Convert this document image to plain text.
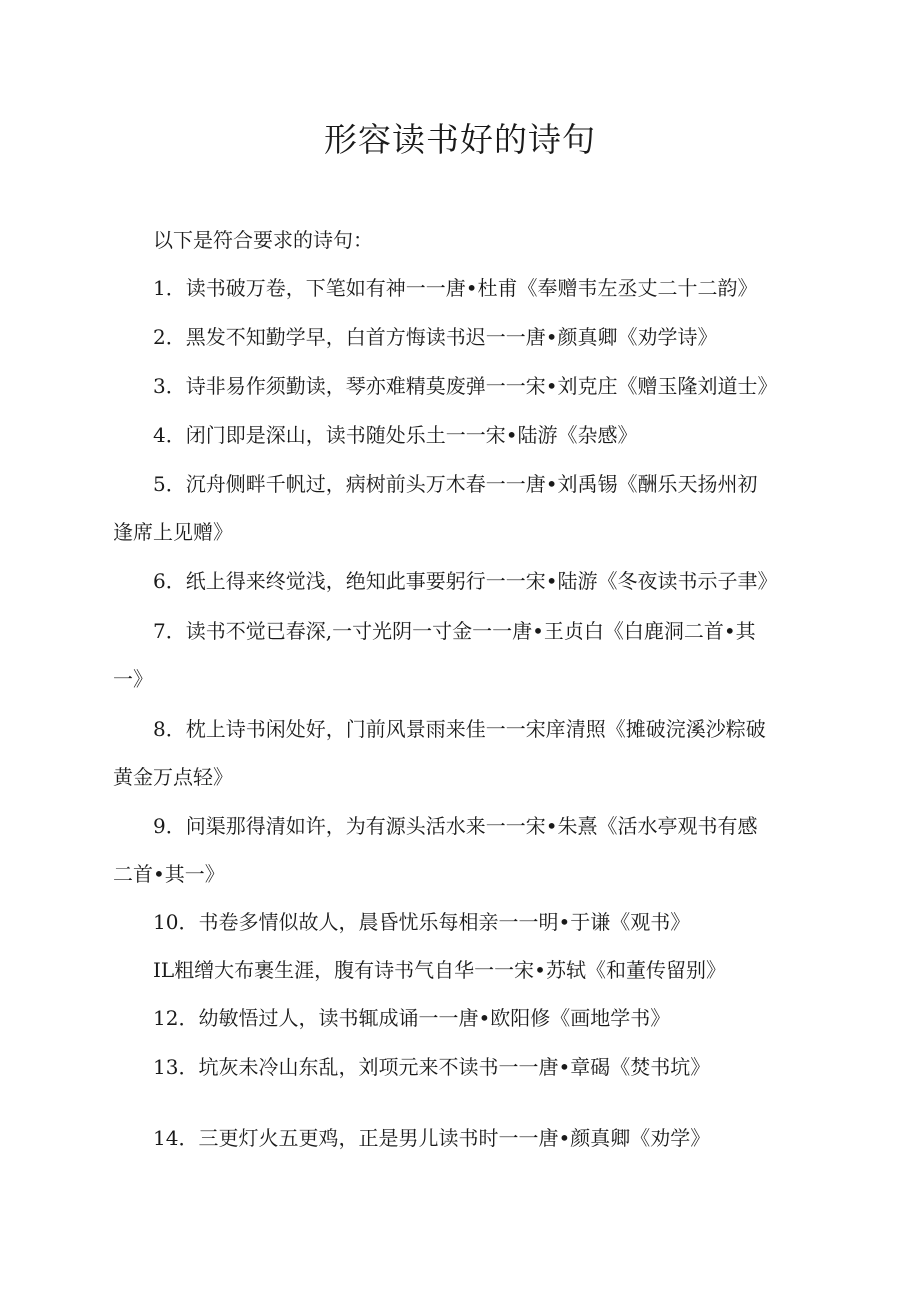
形容读书好的诗句

以下是符合要求的诗句：

1．读书破万卷，下笔如有神一一唐•杜甫《奉赠韦左丞丈二十二韵》
2．黑发不知勤学早，白首方悔读书迟一一唐•颜真卿《劝学诗》
3．诗非易作须勤读，琴亦难精莫废弹一一宋•刘克庄《赠玉隆刘道士》
4．闭门即是深山，读书随处乐土一一宋•陆游《杂感》
5．沉舟侧畔千帆过，病树前头万木春一一唐•刘禹锡《酬乐天扬州初
逢席上见赠》
6．纸上得来终觉浅，绝知此事要躬行一一宋•陆游《冬夜读书示子聿》
7．读书不觉已春深,一寸光阴一寸金一一唐•王贞白《白鹿洞二首•其
一》
8．枕上诗书闲处好，门前风景雨来佳一一宋庠清照《摊破浣溪沙粽破
黄金万点轻》
9．问渠那得清如许，为有源头活水来一一宋•朱熹《活水亭观书有感
二首•其一》
10．书卷多情似故人，晨昏忧乐每相亲一一明•于谦《观书》
IL粗缯大布裹生涯，腹有诗书气自华一一宋•苏轼《和董传留别》
12．幼敏悟过人，读书辄成诵一一唐•欧阳修《画地学书》
13．坑灰未冷山东乱，刘项元来不读书一一唐•章碣《焚书坑》
14．三更灯火五更鸡，正是男儿读书时一一唐•颜真卿《劝学》
